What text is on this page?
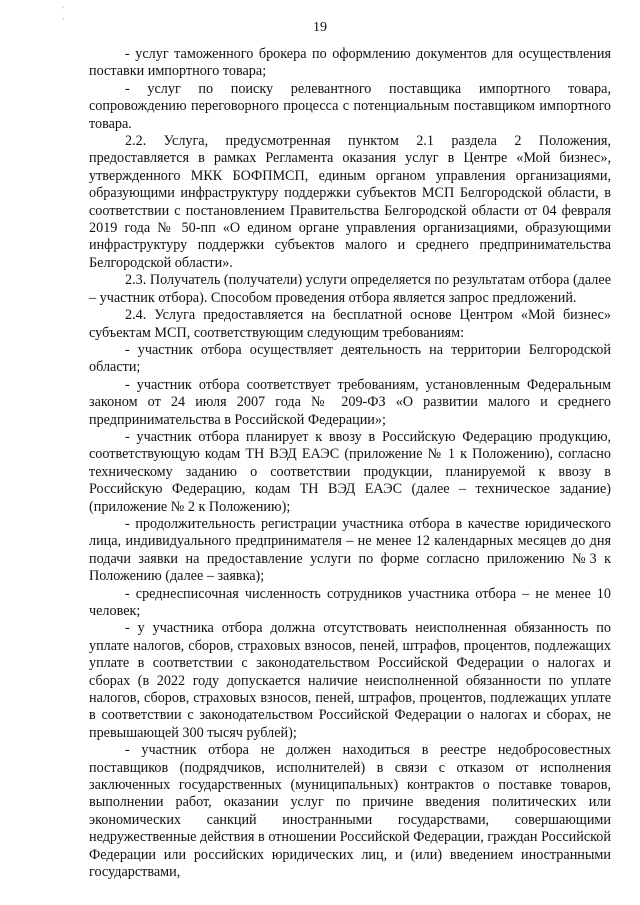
'
·
19

- услуг таможенного брокера по оформлению документов для осуществления поставки импортного товара;

- услуг по поиску релевантного поставщика импортного товара, сопровождению переговорного процесса с потенциальным поставщиком импортного товара.

2.2. Услуга, предусмотренная пунктом 2.1 раздела 2 Положения, предоставляется в рамках Регламента оказания услуг в Центре «Мой бизнес», утвержденного МКК БОФПМСП, единым органом управления организациями, образующими инфраструктуру поддержки субъектов МСП Белгородской области, в соответствии с постановлением Правительства Белгородской области от 04 февраля 2019 года № 50-пп «О едином органе управления организациями, образующими инфраструктуру поддержки субъектов малого и среднего предпринимательства Белгородской области».

2.3. Получатель (получатели) услуги определяется по результатам отбора (далее – участник отбора). Способом проведения отбора является запрос предложений.

2.4. Услуга предоставляется на бесплатной основе Центром «Мой бизнес» субъектам МСП, соответствующим следующим требованиям:

- участник отбора осуществляет деятельность на территории Белгородской области;

- участник отбора соответствует требованиям, установленным Федеральным законом от 24 июля 2007 года № 209-ФЗ «О развитии малого и среднего предпринимательства в Российской Федерации»;

- участник отбора планирует к ввозу в Российскую Федерацию продукцию, соответствующую кодам ТН ВЭД ЕАЭС (приложение № 1 к Положению), согласно техническому заданию о соответствии продукции, планируемой к ввозу в Российскую Федерацию, кодам ТН ВЭД ЕАЭС (далее – техническое задание) (приложение № 2 к Положению);

- продолжительность регистрации участника отбора в качестве юридического лица, индивидуального предпринимателя – не менее 12 календарных месяцев до дня подачи заявки на предоставление услуги по форме согласно приложению №3 к Положению (далее – заявка);

- среднесписочная численность сотрудников участника отбора – не менее 10 человек;

- у участника отбора должна отсутствовать неисполненная обязанность по уплате налогов, сборов, страховых взносов, пеней, штрафов, процентов, подлежащих уплате в соответствии с законодательством Российской Федерации о налогах и сборах (в 2022 году допускается наличие неисполненной обязанности по уплате налогов, сборов, страховых взносов, пеней, штрафов, процентов, подлежащих уплате в соответствии с законодательством Российской Федерации о налогах и сборах, не превышающей 300 тысяч рублей);

- участник отбора не должен находиться в реестре недобросовестных поставщиков (подрядчиков, исполнителей) в связи с отказом от исполнения заключенных государственных (муниципальных) контрактов о поставке товаров, выполнении работ, оказании услуг по причине введения политических или экономических санкций иностранными государствами, совершающими недружественные действия в отношении Российской Федерации, граждан Российской Федерации или российских юридических лиц, и (или) введением иностранными государствами,
